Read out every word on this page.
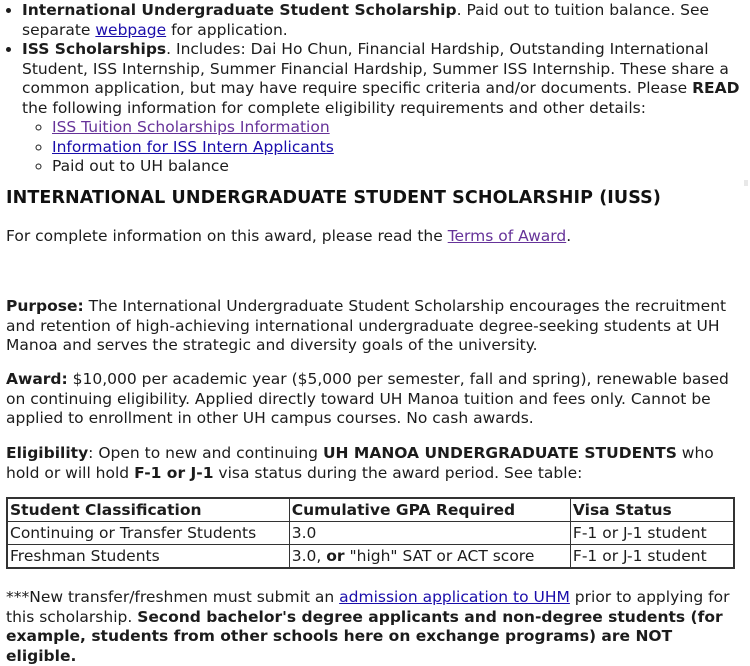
• International Undergraduate Student Scholarship. Paid out to tuition balance. See separate webpage for application.
• ISS Scholarships. Includes: Dai Ho Chun, Financial Hardship, Outstanding International Student, ISS Internship, Summer Financial Hardship, Summer ISS Internship. These share a common application, but may have require specific criteria and/or documents. Please READ the following information for complete eligibility requirements and other details:
◦ ISS Tuition Scholarships Information
◦ Information for ISS Intern Applicants
◦ Paid out to UH balance
INTERNATIONAL UNDERGRADUATE STUDENT SCHOLARSHIP (IUSS)

For complete information on this award, please read the Terms of Award.

Purpose: The International Undergraduate Student Scholarship encourages the recruitment and retention of high-achieving international undergraduate degree-seeking students at UH Manoa and serves the strategic and diversity goals of the university.

Award: $10,000 per academic year ($5,000 per semester, fall and spring), renewable based on continuing eligibility. Applied directly toward UH Manoa tuition and fees only. Cannot be applied to enrollment in other UH campus courses. No cash awards.

Eligibility: Open to new and continuing UH MANOA UNDERGRADUATE STUDENTS who hold or will hold F-1 or J-1 visa status during the award period. See table:

Student Classification	Cumulative GPA Required	Visa Status
Continuing or Transfer Students	3.0	F-1 or J-1 student
Freshman Students	3.0, or "high" SAT or ACT score	F-1 or J-1 student

***New transfer/freshmen must submit an admission application to UHM prior to applying for this scholarship. Second bachelor's degree applicants and non-degree students (for example, students from other schools here on exchange programs) are NOT eligible.
